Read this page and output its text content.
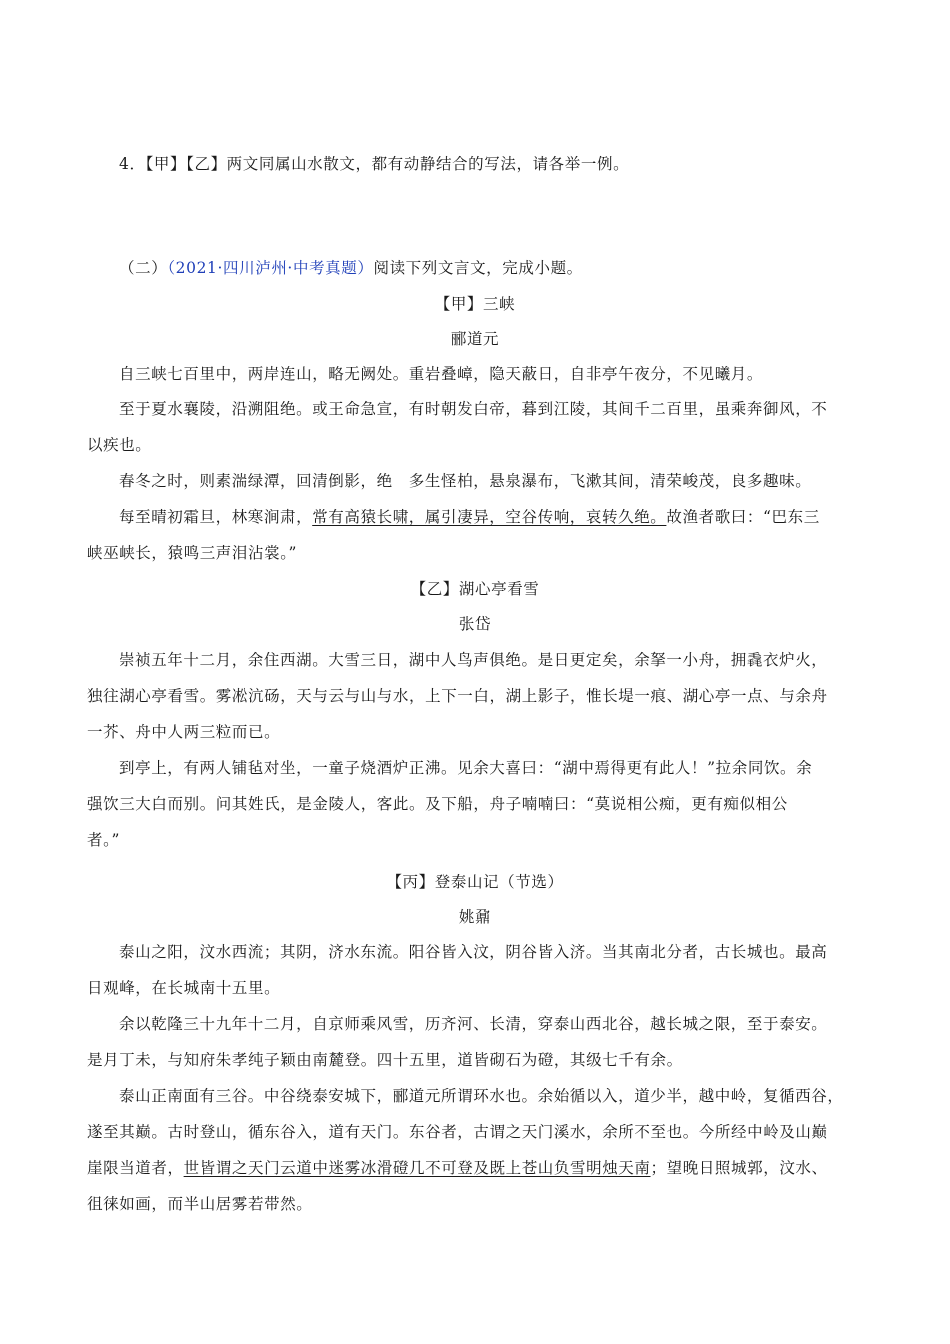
4．【甲】【乙】两文同属山水散文，都有动静结合的写法，请各举一例。
（二）（2021·四川泸州·中考真题）阅读下列文言文，完成小题。
【甲】三峡
郦道元
自三峡七百里中，两岸连山，略无阙处。重岩叠嶂，隐天蔽日，自非亭午夜分，不见曦月。
至于夏水襄陵，沿溯阻绝。或王命急宣，有时朝发白帝，暮到江陵，其间千二百里，虽乘奔御风，不
以疾也。
春冬之时，则素湍绿潭，回清倒影，绝　多生怪柏，悬泉瀑布，飞漱其间，清荣峻茂，良多趣味。
每至晴初霜旦，林寒涧肃，常有高猿长啸，属引凄异，空谷传响，哀转久绝。故渔者歌曰：“巴东三
峡巫峡长，猿鸣三声泪沾裳。”
【乙】湖心亭看雪
张岱
崇祯五年十二月，余住西湖。大雪三日，湖中人鸟声俱绝。是日更定矣，余拏一小舟，拥毳衣炉火，
独往湖心亭看雪。雾凇沆砀，天与云与山与水，上下一白，湖上影子，惟长堤一痕、湖心亭一点、与余舟
一芥、舟中人两三粒而已。
到亭上，有两人铺毡对坐，一童子烧酒炉正沸。见余大喜曰：“湖中焉得更有此人！”拉余同饮。余
强饮三大白而别。问其姓氏，是金陵人，客此。及下船，舟子喃喃曰：“莫说相公痴，更有痴似相公
者。”
【丙】登泰山记（节选）
姚鼐
泰山之阳，汶水西流；其阴，济水东流。阳谷皆入汶，阴谷皆入济。当其南北分者，古长城也。最高
日观峰，在长城南十五里。
余以乾隆三十九年十二月，自京师乘风雪，历齐河、长清，穿泰山西北谷，越长城之限，至于泰安。
是月丁未，与知府朱孝纯子颖由南麓登。四十五里，道皆砌石为磴，其级七千有余。
泰山正南面有三谷。中谷绕泰安城下，郦道元所谓环水也。余始循以入，道少半，越中岭，复循西谷，
遂至其巅。古时登山，循东谷入，道有天门。东谷者，古谓之天门溪水，余所不至也。今所经中岭及山巅
崖限当道者，世皆谓之天门云道中迷雾冰滑磴几不可登及既上苍山负雪明烛天南；望晚日照城郭，汶水、
徂徕如画，而半山居雾若带然。
